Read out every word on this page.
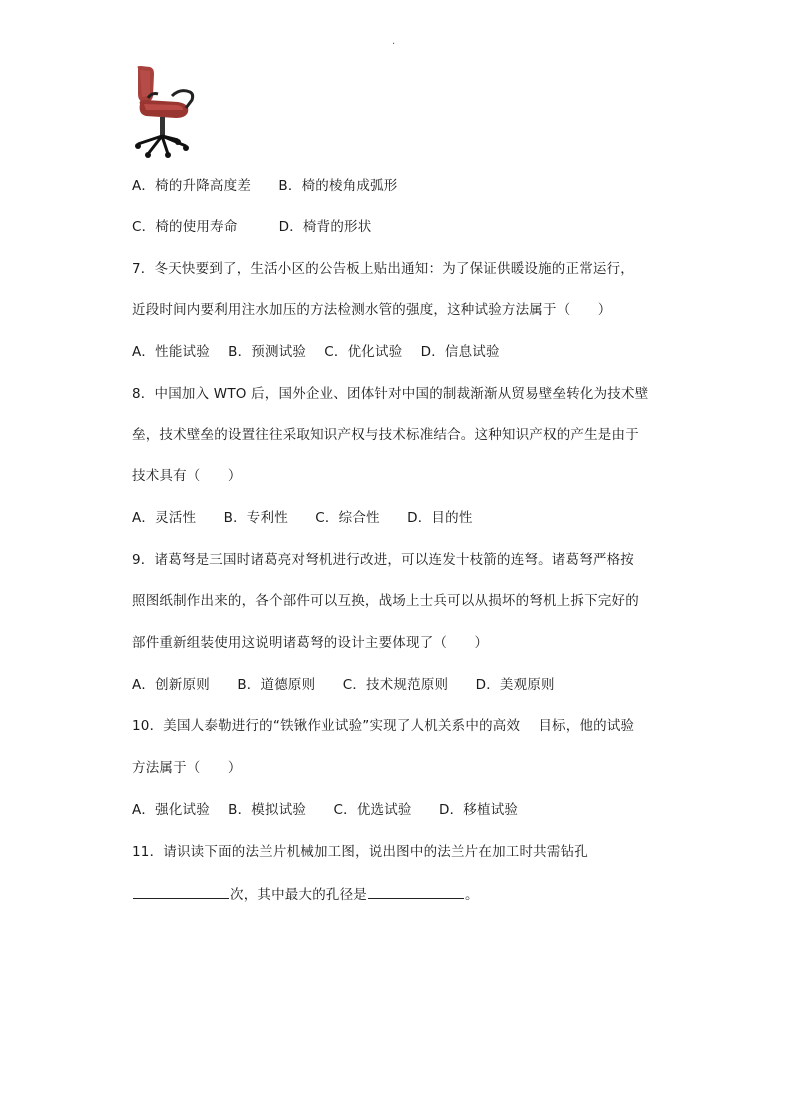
.
A．椅的升降高度差　　B．椅的棱角成弧形
C．椅的使用寿命　　　D．椅背的形状
7．冬天快要到了，生活小区的公告板上贴出通知：为了保证供暖设施的正常运行，
近段时间内要利用注水加压的方法检测水管的强度，这种试验方法属于（　　）
A．性能试验　 B．预测试验　 C．优化试验　 D．信息试验
8．中国加入 WTO 后，国外企业、团体针对中国的制裁渐渐从贸易壁垒转化为技术壁
垒，技术壁垒的设置往往采取知识产权与技术标准结合。这种知识产权的产生是由于
技术具有（　　）
A．灵活性　　B．专利性　　C．综合性　　D．目的性
9．诸葛弩是三国时诸葛亮对弩机进行改进，可以连发十枝箭的连弩。诸葛弩严格按
照图纸制作出来的，各个部件可以互换，战场上士兵可以从损坏的弩机上拆下完好的
部件重新组装使用这说明诸葛弩的设计主要体现了（　　）
A．创新原则　　B．道德原则　　C．技术规范原则　　D．美观原则
10．美国人泰勒进行的“铁锹作业试验”实现了人机关系中的高效　 目标，他的试验
方法属于（　　）
A．强化试验　 B．模拟试验　　C．优选试验　　D．移植试验
11．请识读下面的法兰片机械加工图，说出图中的法兰片在加工时共需钻孔
次，其中最大的孔径是	。
